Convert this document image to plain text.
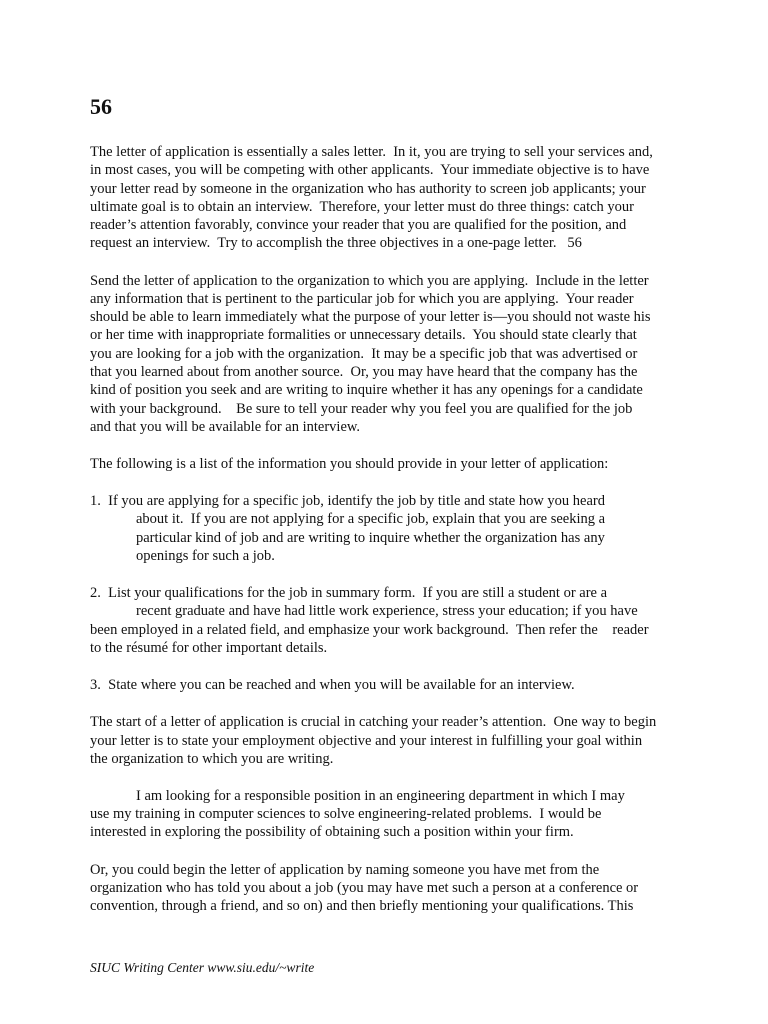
56
The letter of application is essentially a sales letter.  In it, you are trying to sell your services and,
in most cases, you will be competing with other applicants.  Your immediate objective is to have
your letter read by someone in the organization who has authority to screen job applicants; your
ultimate goal is to obtain an interview.  Therefore, your letter must do three things: catch your
reader’s attention favorably, convince your reader that you are qualified for the position, and
request an interview.  Try to accomplish the three objectives in a one-page letter.   56
Send the letter of application to the organization to which you are applying.  Include in the letter
any information that is pertinent to the particular job for which you are applying.  Your reader
should be able to learn immediately what the purpose of your letter is—you should not waste his
or her time with inappropriate formalities or unnecessary details.  You should state clearly that
you are looking for a job with the organization.  It may be a specific job that was advertised or
that you learned about from another source.  Or, you may have heard that the company has the
kind of position you seek and are writing to inquire whether it has any openings for a candidate
with your background.    Be sure to tell your reader why you feel you are qualified for the job
and that you will be available for an interview.
The following is a list of the information you should provide in your letter of application:
1.  If you are applying for a specific job, identify the job by title and state how you heard
about it.  If you are not applying for a specific job, explain that you are seeking a
particular kind of job and are writing to inquire whether the organization has any
openings for such a job.
2.  List your qualifications for the job in summary form.  If you are still a student or are a
recent graduate and have had little work experience, stress your education; if you have
been employed in a related field, and emphasize your work background.  Then refer the    reader
to the résumé for other important details.
3.  State where you can be reached and when you will be available for an interview.
The start of a letter of application is crucial in catching your reader’s attention.  One way to begin
your letter is to state your employment objective and your interest in fulfilling your goal within
the organization to which you are writing.
I am looking for a responsible position in an engineering department in which I may
use my training in computer sciences to solve engineering-related problems.  I would be
interested in exploring the possibility of obtaining such a position within your firm.
Or, you could begin the letter of application by naming someone you have met from the
organization who has told you about a job (you may have met such a person at a conference or
convention, through a friend, and so on) and then briefly mentioning your qualifications. This

SIUC Writing Center www.siu.edu/~write
